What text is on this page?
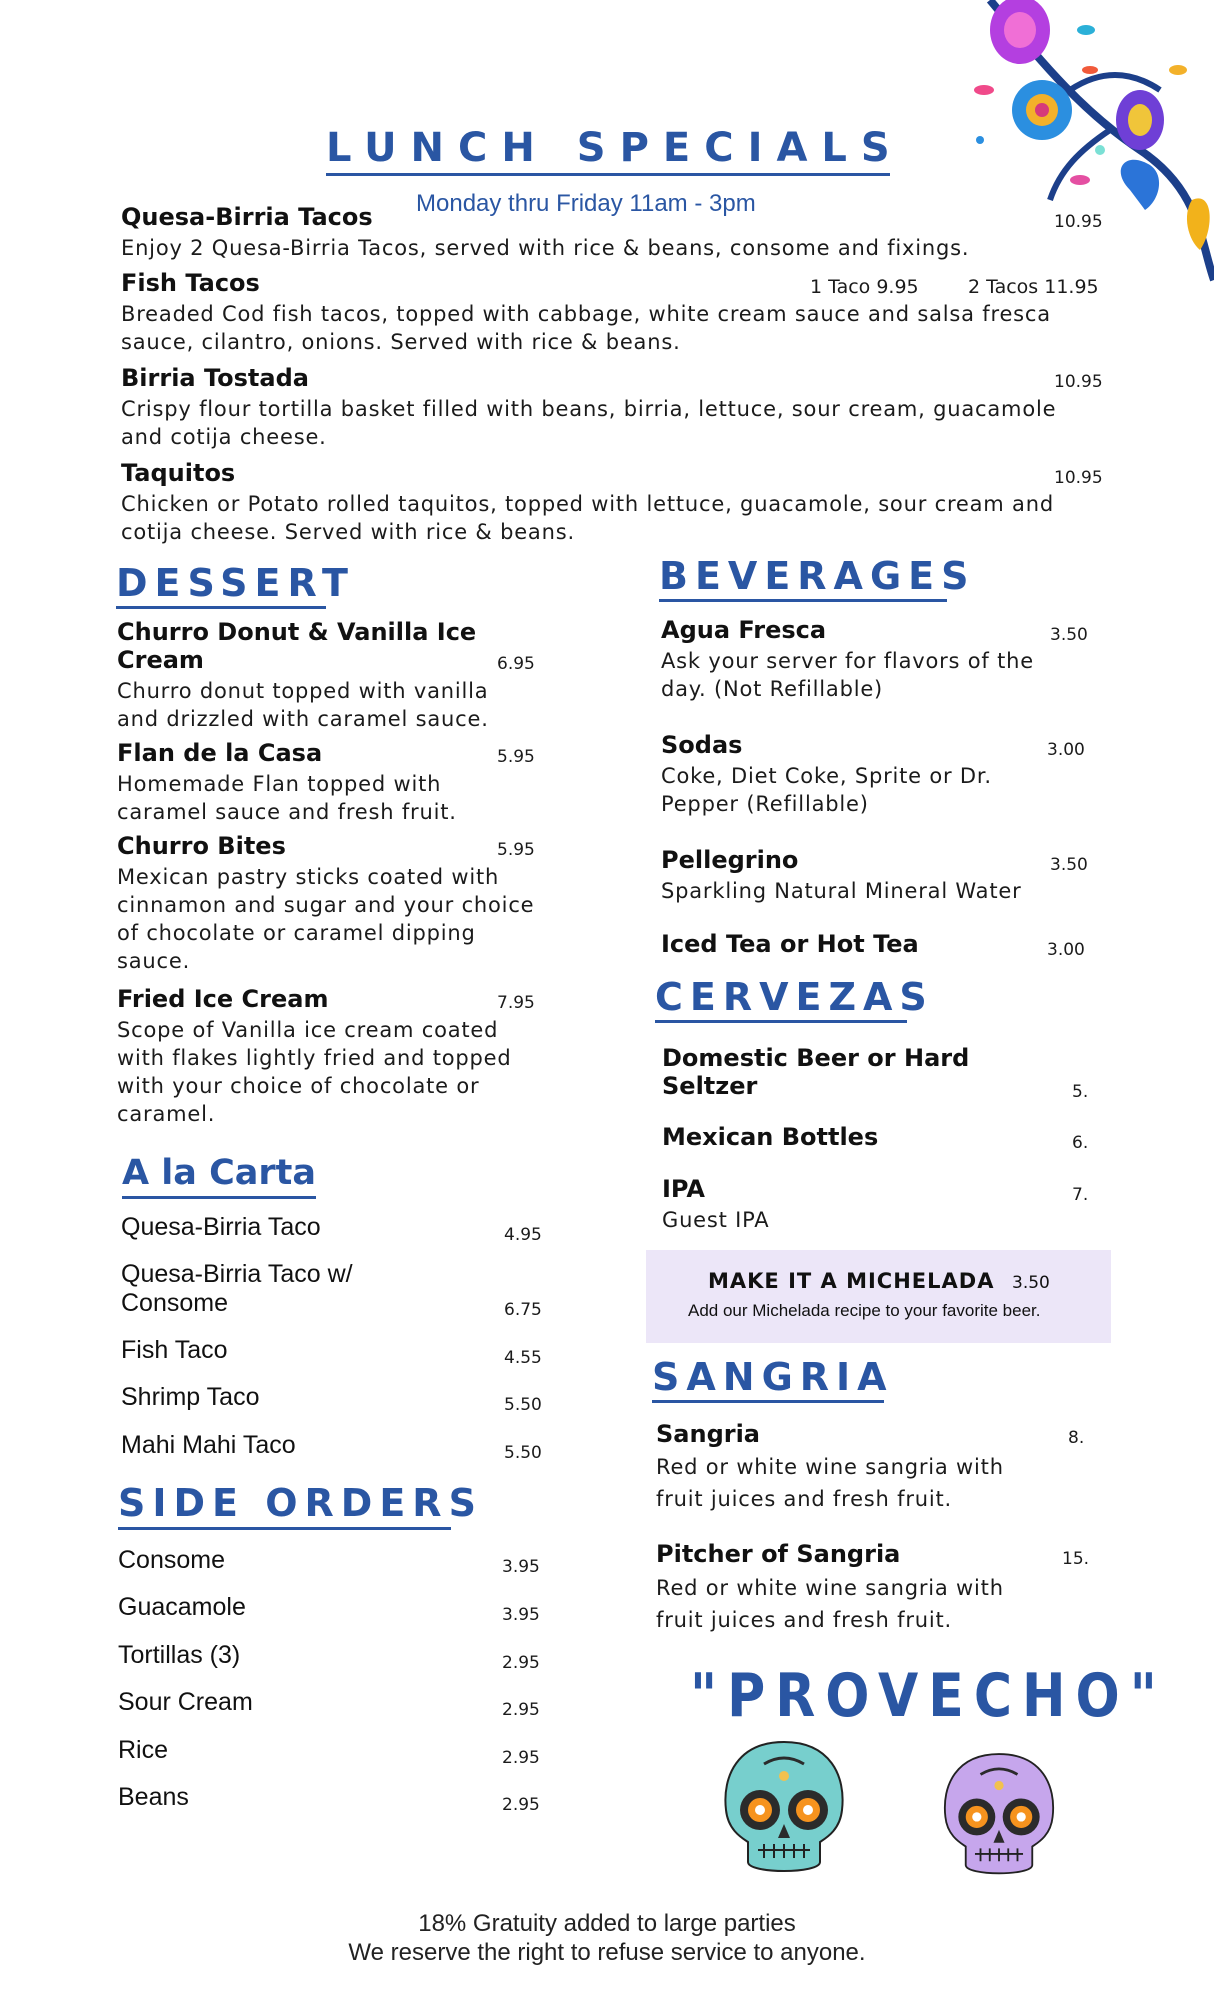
LUNCH SPECIALS
Monday thru Friday 11am - 3pm
Quesa-Birria Tacos	10.95
Enjoy 2 Quesa-Birria Tacos, served with rice & beans, consome and fixings.
Fish Tacos	1 Taco 9.95	2 Tacos 11.95
Breaded Cod fish tacos, topped with cabbage, white cream sauce and salsa fresca sauce, cilantro, onions. Served with rice & beans.
Birria Tostada	10.95
Crispy flour tortilla basket filled with beans, birria, lettuce, sour cream, guacamole and cotija cheese.
Taquitos	10.95
Chicken or Potato rolled taquitos, topped with lettuce, guacamole, sour cream and cotija cheese. Served with rice & beans.
DESSERT
Churro Donut & Vanilla Ice Cream	6.95
Churro donut topped with vanilla and drizzled with caramel sauce.
Flan de la Casa	5.95
Homemade Flan topped with caramel sauce and fresh fruit.
Churro Bites	5.95
Mexican pastry sticks coated with cinnamon and sugar and your choice of chocolate or caramel dipping sauce.
Fried Ice Cream	7.95
Scope of Vanilla ice cream coated with flakes lightly fried and topped with your choice of chocolate or caramel.
A la Carta
Quesa-Birria Taco	4.95
Quesa-Birria Taco w/ Consome	6.75
Fish Taco	4.55
Shrimp Taco	5.50
Mahi Mahi Taco	5.50
SIDE ORDERS
Consome	3.95
Guacamole	3.95
Tortillas (3)	2.95
Sour Cream	2.95
Rice	2.95
Beans	2.95
BEVERAGES
Agua Fresca	3.50
Ask your server for flavors of the day. (Not Refillable)
Sodas	3.00
Coke, Diet Coke, Sprite or Dr. Pepper (Refillable)
Pellegrino	3.50
Sparkling Natural Mineral Water
Iced Tea or Hot Tea	3.00
CERVEZAS
Domestic Beer or Hard Seltzer	5.
Mexican Bottles	6.
IPA	7.
Guest IPA
MAKE IT A MICHELADA 3.50
Add our Michelada recipe to your favorite beer.
SANGRIA
Sangria	8.
Red or white wine sangria with fruit juices and fresh fruit.
Pitcher of Sangria	15.
Red or white wine sangria with fruit juices and fresh fruit.
"PROVECHO"
18% Gratuity added to large parties
We reserve the right to refuse service to anyone.
